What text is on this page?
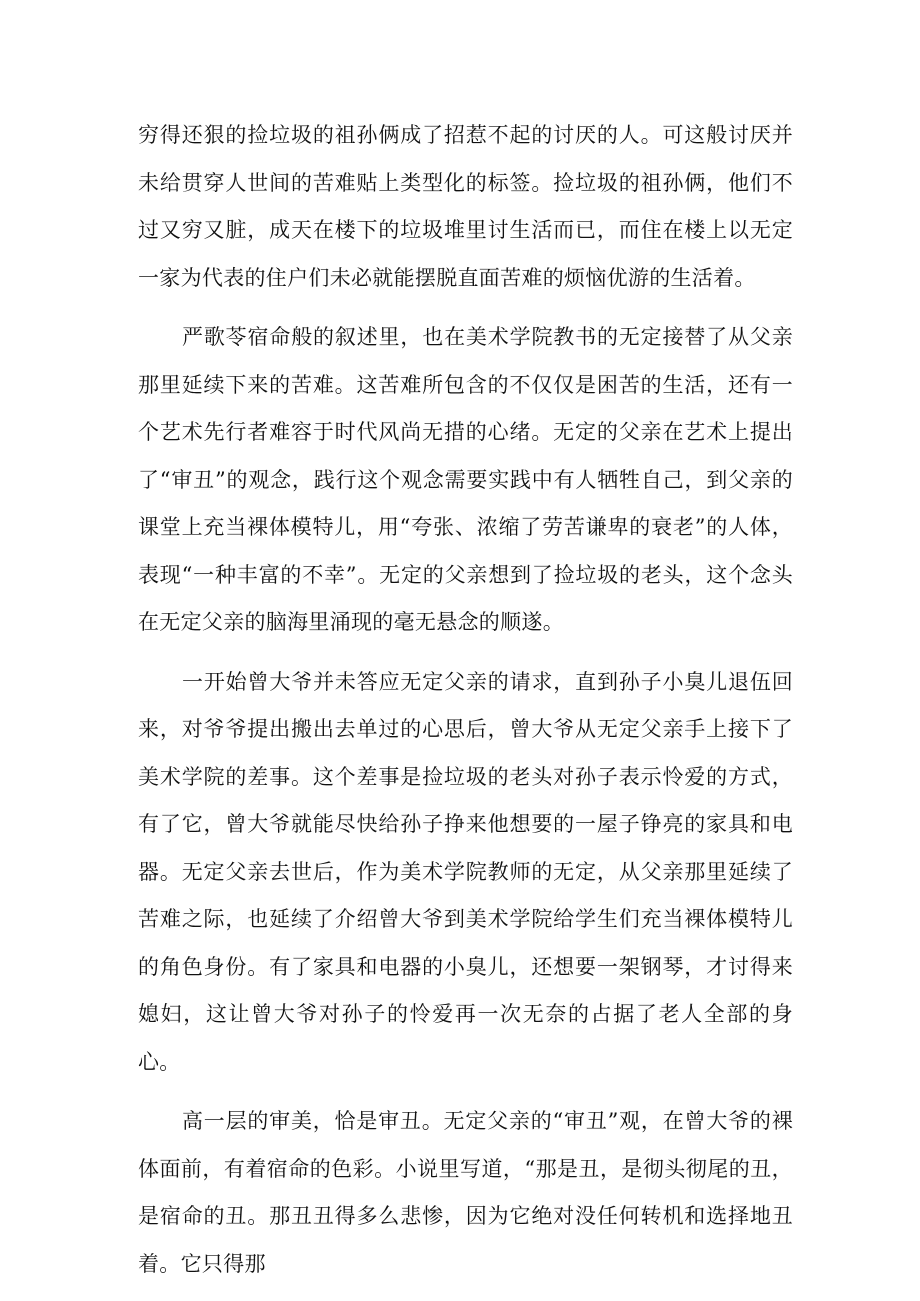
穷得还狠的捡垃圾的祖孙俩成了招惹不起的讨厌的人。可这般讨厌并未给贯穿人世间的苦难贴上类型化的标签。捡垃圾的祖孙俩，他们不过又穷又脏，成天在楼下的垃圾堆里讨生活而已，而住在楼上以无定一家为代表的住户们未必就能摆脱直面苦难的烦恼优游的生活着。

严歌苓宿命般的叙述里，也在美术学院教书的无定接替了从父亲那里延续下来的苦难。这苦难所包含的不仅仅是困苦的生活，还有一个艺术先行者难容于时代风尚无措的心绪。无定的父亲在艺术上提出了“审丑”的观念，践行这个观念需要实践中有人牺牲自己，到父亲的课堂上充当裸体模特儿，用“夸张、浓缩了劳苦谦卑的衰老”的人体，表现“一种丰富的不幸”。无定的父亲想到了捡垃圾的老头，这个念头在无定父亲的脑海里涌现的毫无悬念的顺遂。

一开始曾大爷并未答应无定父亲的请求，直到孙子小臭儿退伍回来，对爷爷提出搬出去单过的心思后，曾大爷从无定父亲手上接下了美术学院的差事。这个差事是捡垃圾的老头对孙子表示怜爱的方式，有了它，曾大爷就能尽快给孙子挣来他想要的一屋子铮亮的家具和电器。无定父亲去世后，作为美术学院教师的无定，从父亲那里延续了苦难之际，也延续了介绍曾大爷到美术学院给学生们充当裸体模特儿的角色身份。有了家具和电器的小臭儿，还想要一架钢琴，才讨得来媳妇，这让曾大爷对孙子的怜爱再一次无奈的占据了老人全部的身心。

高一层的审美，恰是审丑。无定父亲的“审丑”观，在曾大爷的裸体面前，有着宿命的色彩。小说里写道，“那是丑，是彻头彻尾的丑，是宿命的丑。那丑丑得多么悲惨，因为它绝对没任何转机和选择地丑着。它只得那
